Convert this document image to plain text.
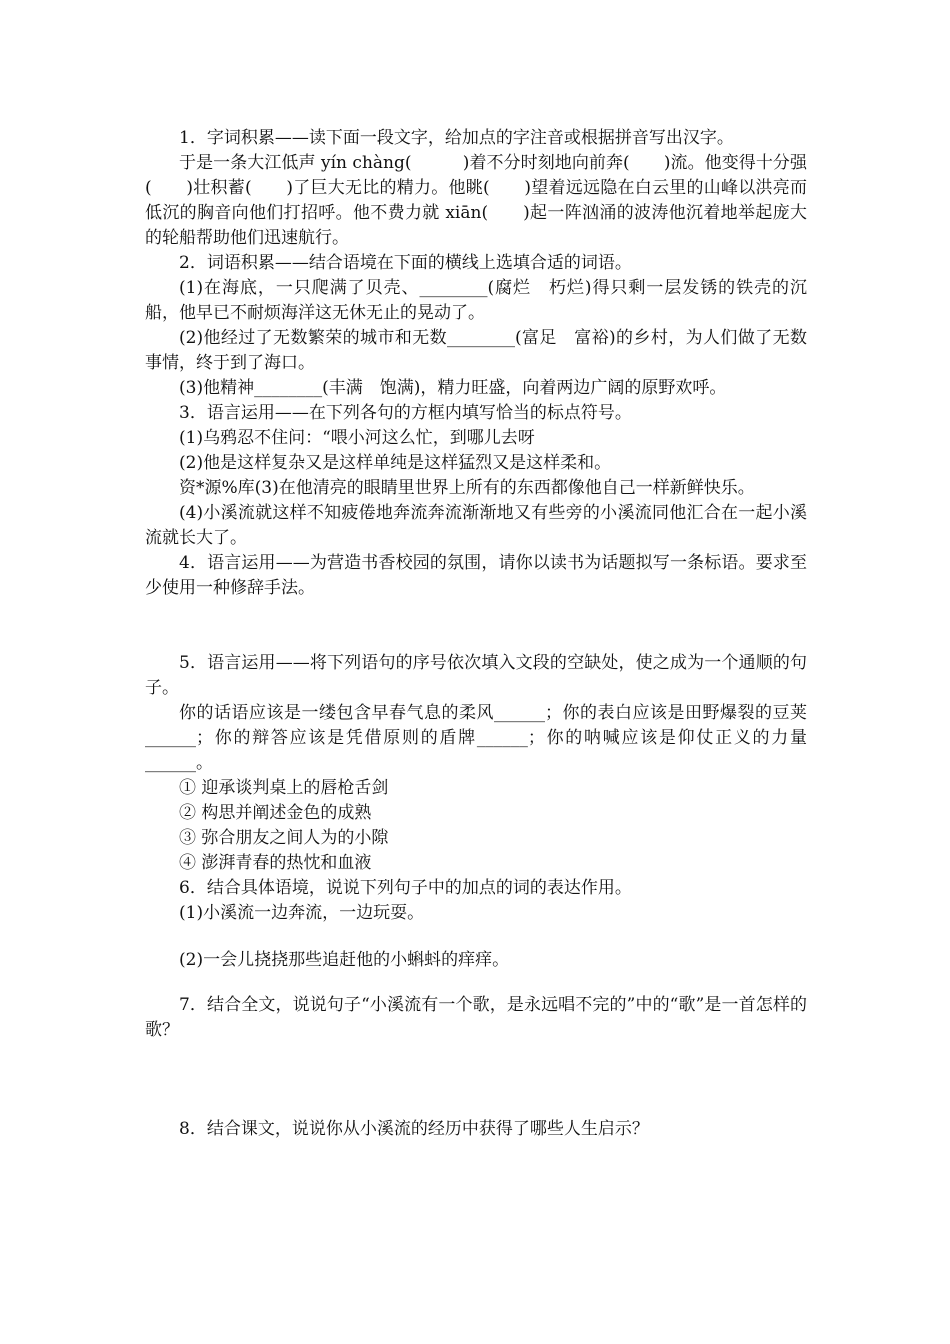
1．字词积累——读下面一段文字，给加点的字注音或根据拼音写出汉字。

于是一条大江低声 yín chàng(　　　)着不分时刻地向前奔(　　)流。他变得十分强(　　)壮积蓄(　　)了巨大无比的精力。他眺(　　)望着远远隐在白云里的山峰以洪亮而低沉的胸音向他们打招呼。他不费力就 xiān(　　)起一阵汹涌的波涛他沉着地举起庞大的轮船帮助他们迅速航行。

2．词语积累——结合语境在下面的横线上选填合适的词语。

(1)在海底，一只爬满了贝壳、________(腐烂　朽烂)得只剩一层发锈的铁壳的沉船，他早已不耐烦海洋这无休无止的晃动了。

(2)他经过了无数繁荣的城市和无数________(富足　富裕)的乡村，为人们做了无数事情，终于到了海口。

(3)他精神________(丰满　饱满)，精力旺盛，向着两边广阔的原野欢呼。

3．语言运用——在下列各句的方框内填写恰当的标点符号。

(1)乌鸦忍不住问：“喂小河这么忙，到哪儿去呀

(2)他是这样复杂又是这样单纯是这样猛烈又是这样柔和。

资*源%库(3)在他清亮的眼睛里世界上所有的东西都像他自己一样新鲜快乐。

(4)小溪流就这样不知疲倦地奔流奔流渐渐地又有些旁的小溪流同他汇合在一起小溪流就长大了。

4．语言运用——为营造书香校园的氛围，请你以读书为话题拟写一条标语。要求至少使用一种修辞手法。

5．语言运用——将下列语句的序号依次填入文段的空缺处，使之成为一个通顺的句子。

你的话语应该是一缕包含早春气息的柔风______；你的表白应该是田野爆裂的豆荚______；你的辩答应该是凭借原则的盾牌______；你的呐喊应该是仰仗正义的力量______。

① 迎承谈判桌上的唇枪舌剑

② 构思并阐述金色的成熟

③ 弥合朋友之间人为的小隙

④ 澎湃青春的热忱和血液

6．结合具体语境，说说下列句子中的加点的词的表达作用。

(1)小溪流一边奔流，一边玩耍。

(2)一会儿挠挠那些追赶他的小蝌蚪的痒痒。

7．结合全文，说说句子“小溪流有一个歌，是永远唱不完的”中的“歌”是一首怎样的歌？

8．结合课文，说说你从小溪流的经历中获得了哪些人生启示？
